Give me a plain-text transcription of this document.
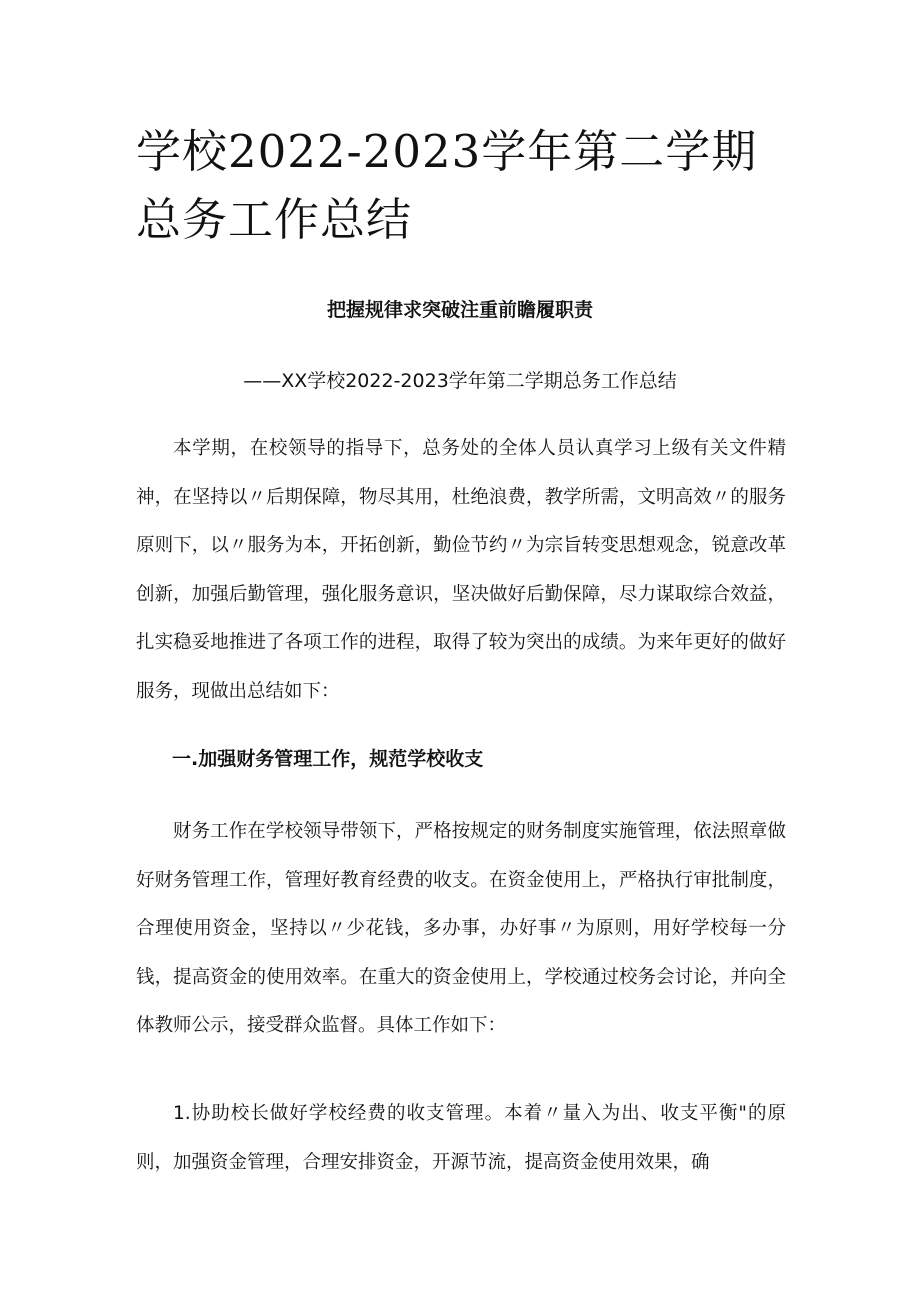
学校2022-2023学年第二学期总务工作总结

把握规律求突破注重前瞻履职责

——XX学校2022-2023学年第二学期总务工作总结

本学期，在校领导的指导下，总务处的全体人员认真学习上级有关文件精神，在坚持以〃后期保障，物尽其用，杜绝浪费，教学所需，文明高效〃的服务原则下，以〃服务为本，开拓创新，勤俭节约〃为宗旨转变思想观念，锐意改革创新，加强后勤管理，强化服务意识，坚决做好后勤保障，尽力谋取综合效益，扎实稳妥地推进了各项工作的进程，取得了较为突出的成绩。为来年更好的做好服务，现做出总结如下：

一.加强财务管理工作，规范学校收支

财务工作在学校领导带领下，严格按规定的财务制度实施管理，依法照章做好财务管理工作，管理好教育经费的收支。在资金使用上，严格执行审批制度，合理使用资金，坚持以〃少花钱，多办事，办好事〃为原则，用好学校每一分钱，提高资金的使用效率。在重大的资金使用上，学校通过校务会讨论，并向全体教师公示，接受群众监督。具体工作如下：

1.协助校长做好学校经费的收支管理。本着〃量入为出、收支平衡"的原则，加强资金管理，合理安排资金，开源节流，提高资金使用效果，确
